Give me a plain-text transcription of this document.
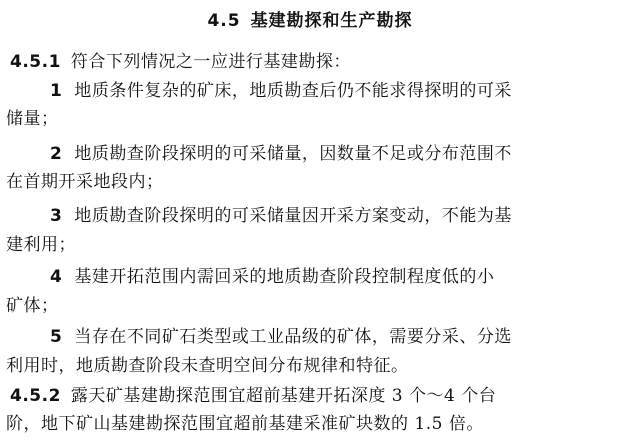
4.5 基建勘探和生产勘探
4.5.1 符合下列情况之一应进行基建勘探：
1 地质条件复杂的矿床，地质勘查后仍不能求得探明的可采
储量；
2 地质勘查阶段探明的可采储量，因数量不足或分布范围不
在首期开采地段内；
3 地质勘查阶段探明的可采储量因开采方案变动，不能为基
建利用；
4 基建开拓范围内需回采的地质勘查阶段控制程度低的小
矿体；
5 当存在不同矿石类型或工业品级的矿体，需要分采、分选
利用时，地质勘查阶段未查明空间分布规律和特征。
4.5.2 露天矿基建勘探范围宜超前基建开拓深度 3 个～4 个台
阶，地下矿山基建勘探范围宜超前基建采准矿块数的 1.5 倍。
